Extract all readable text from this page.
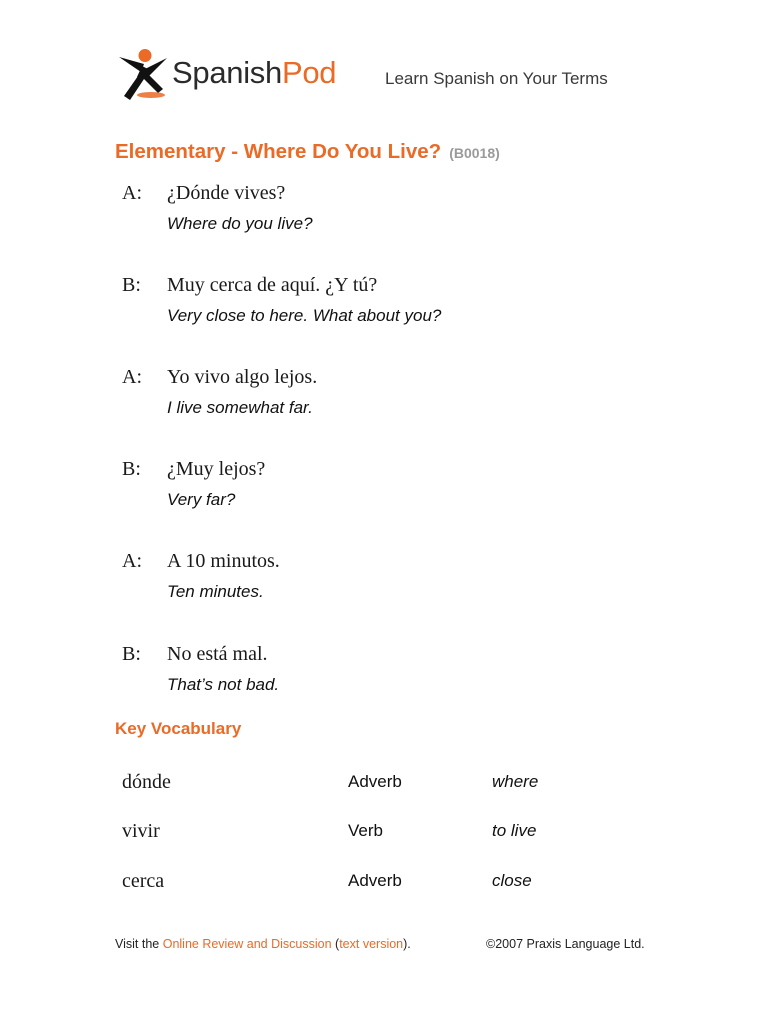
SpanishPod	Learn Spanish on Your Terms
Elementary - Where Do You Live? (B0018)
A: ¿Dónde vives?
Where do you live?
B: Muy cerca de aquí. ¿Y tú?
Very close to here. What about you?
A: Yo vivo algo lejos.
I live somewhat far.
B: ¿Muy lejos?
Very far?
A: A 10 minutos.
Ten minutes.
B: No está mal.
That’s not bad.
Key Vocabulary
dónde	Adverb	where
vivir	Verb	to live
cerca	Adverb	close
Visit the Online Review and Discussion (text version).	©2007 Praxis Language Ltd.
